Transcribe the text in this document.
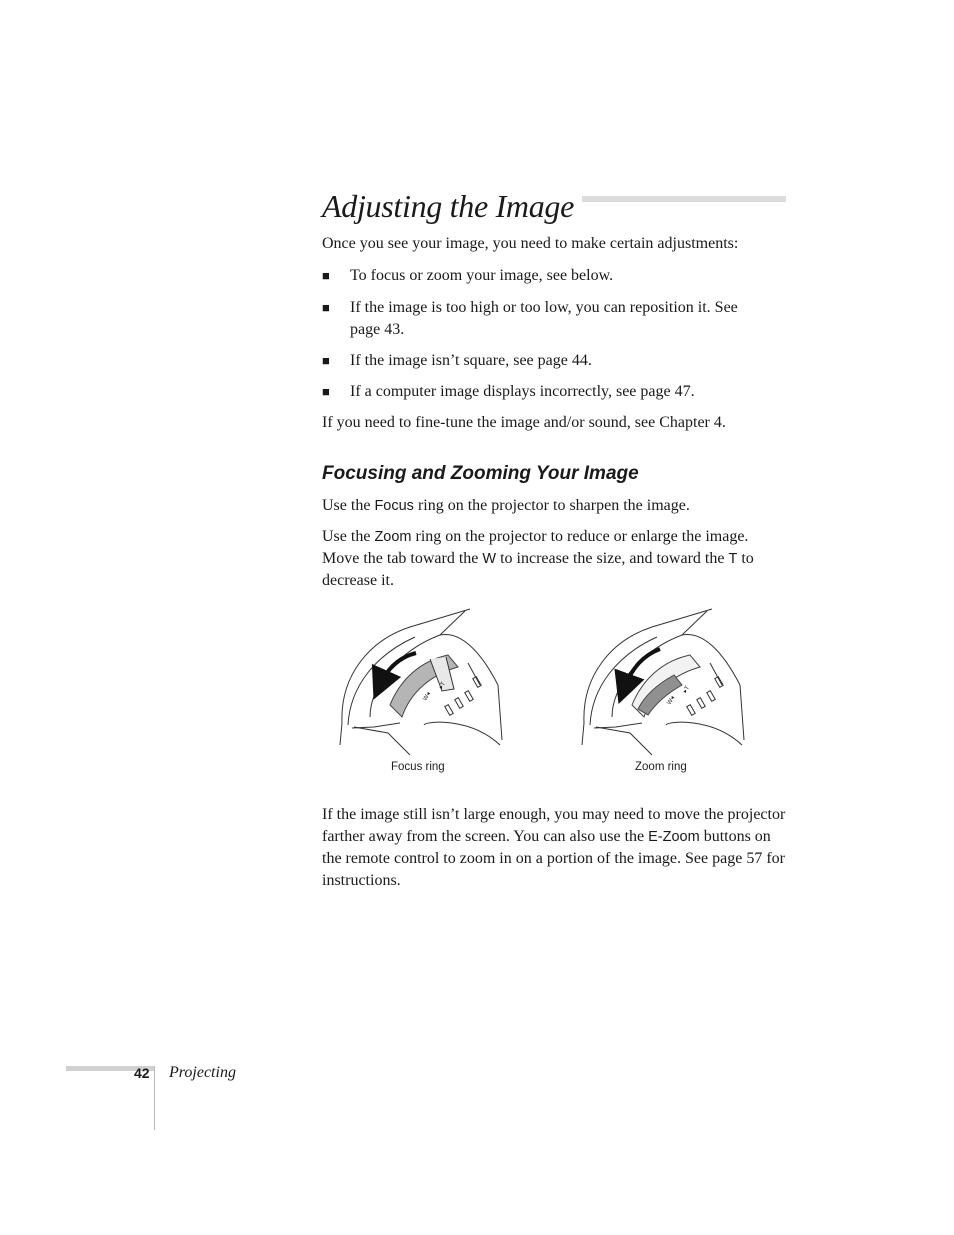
Adjusting the Image

Once you see your image, you need to make certain adjustments:

■ To focus or zoom your image, see below.
■ If the image is too high or too low, you can reposition it. See page 43.
■ If the image isn’t square, see page 44.
■ If a computer image displays incorrectly, see page 47.

If you need to fine-tune the image and/or sound, see Chapter 4.

Focusing and Zooming Your Image

Use the Focus ring on the projector to sharpen the image.

Use the Zoom ring on the projector to reduce or enlarge the image. Move the tab toward the W to increase the size, and toward the T to decrease it.

W◂
▸T
W◂
▸T
Focus ring	Zoom ring

If the image still isn’t large enough, you may need to move the projector farther away from the screen. You can also use the E-Zoom buttons on the remote control to zoom in on a portion of the image. See page 57 for instructions.

42 Projecting
